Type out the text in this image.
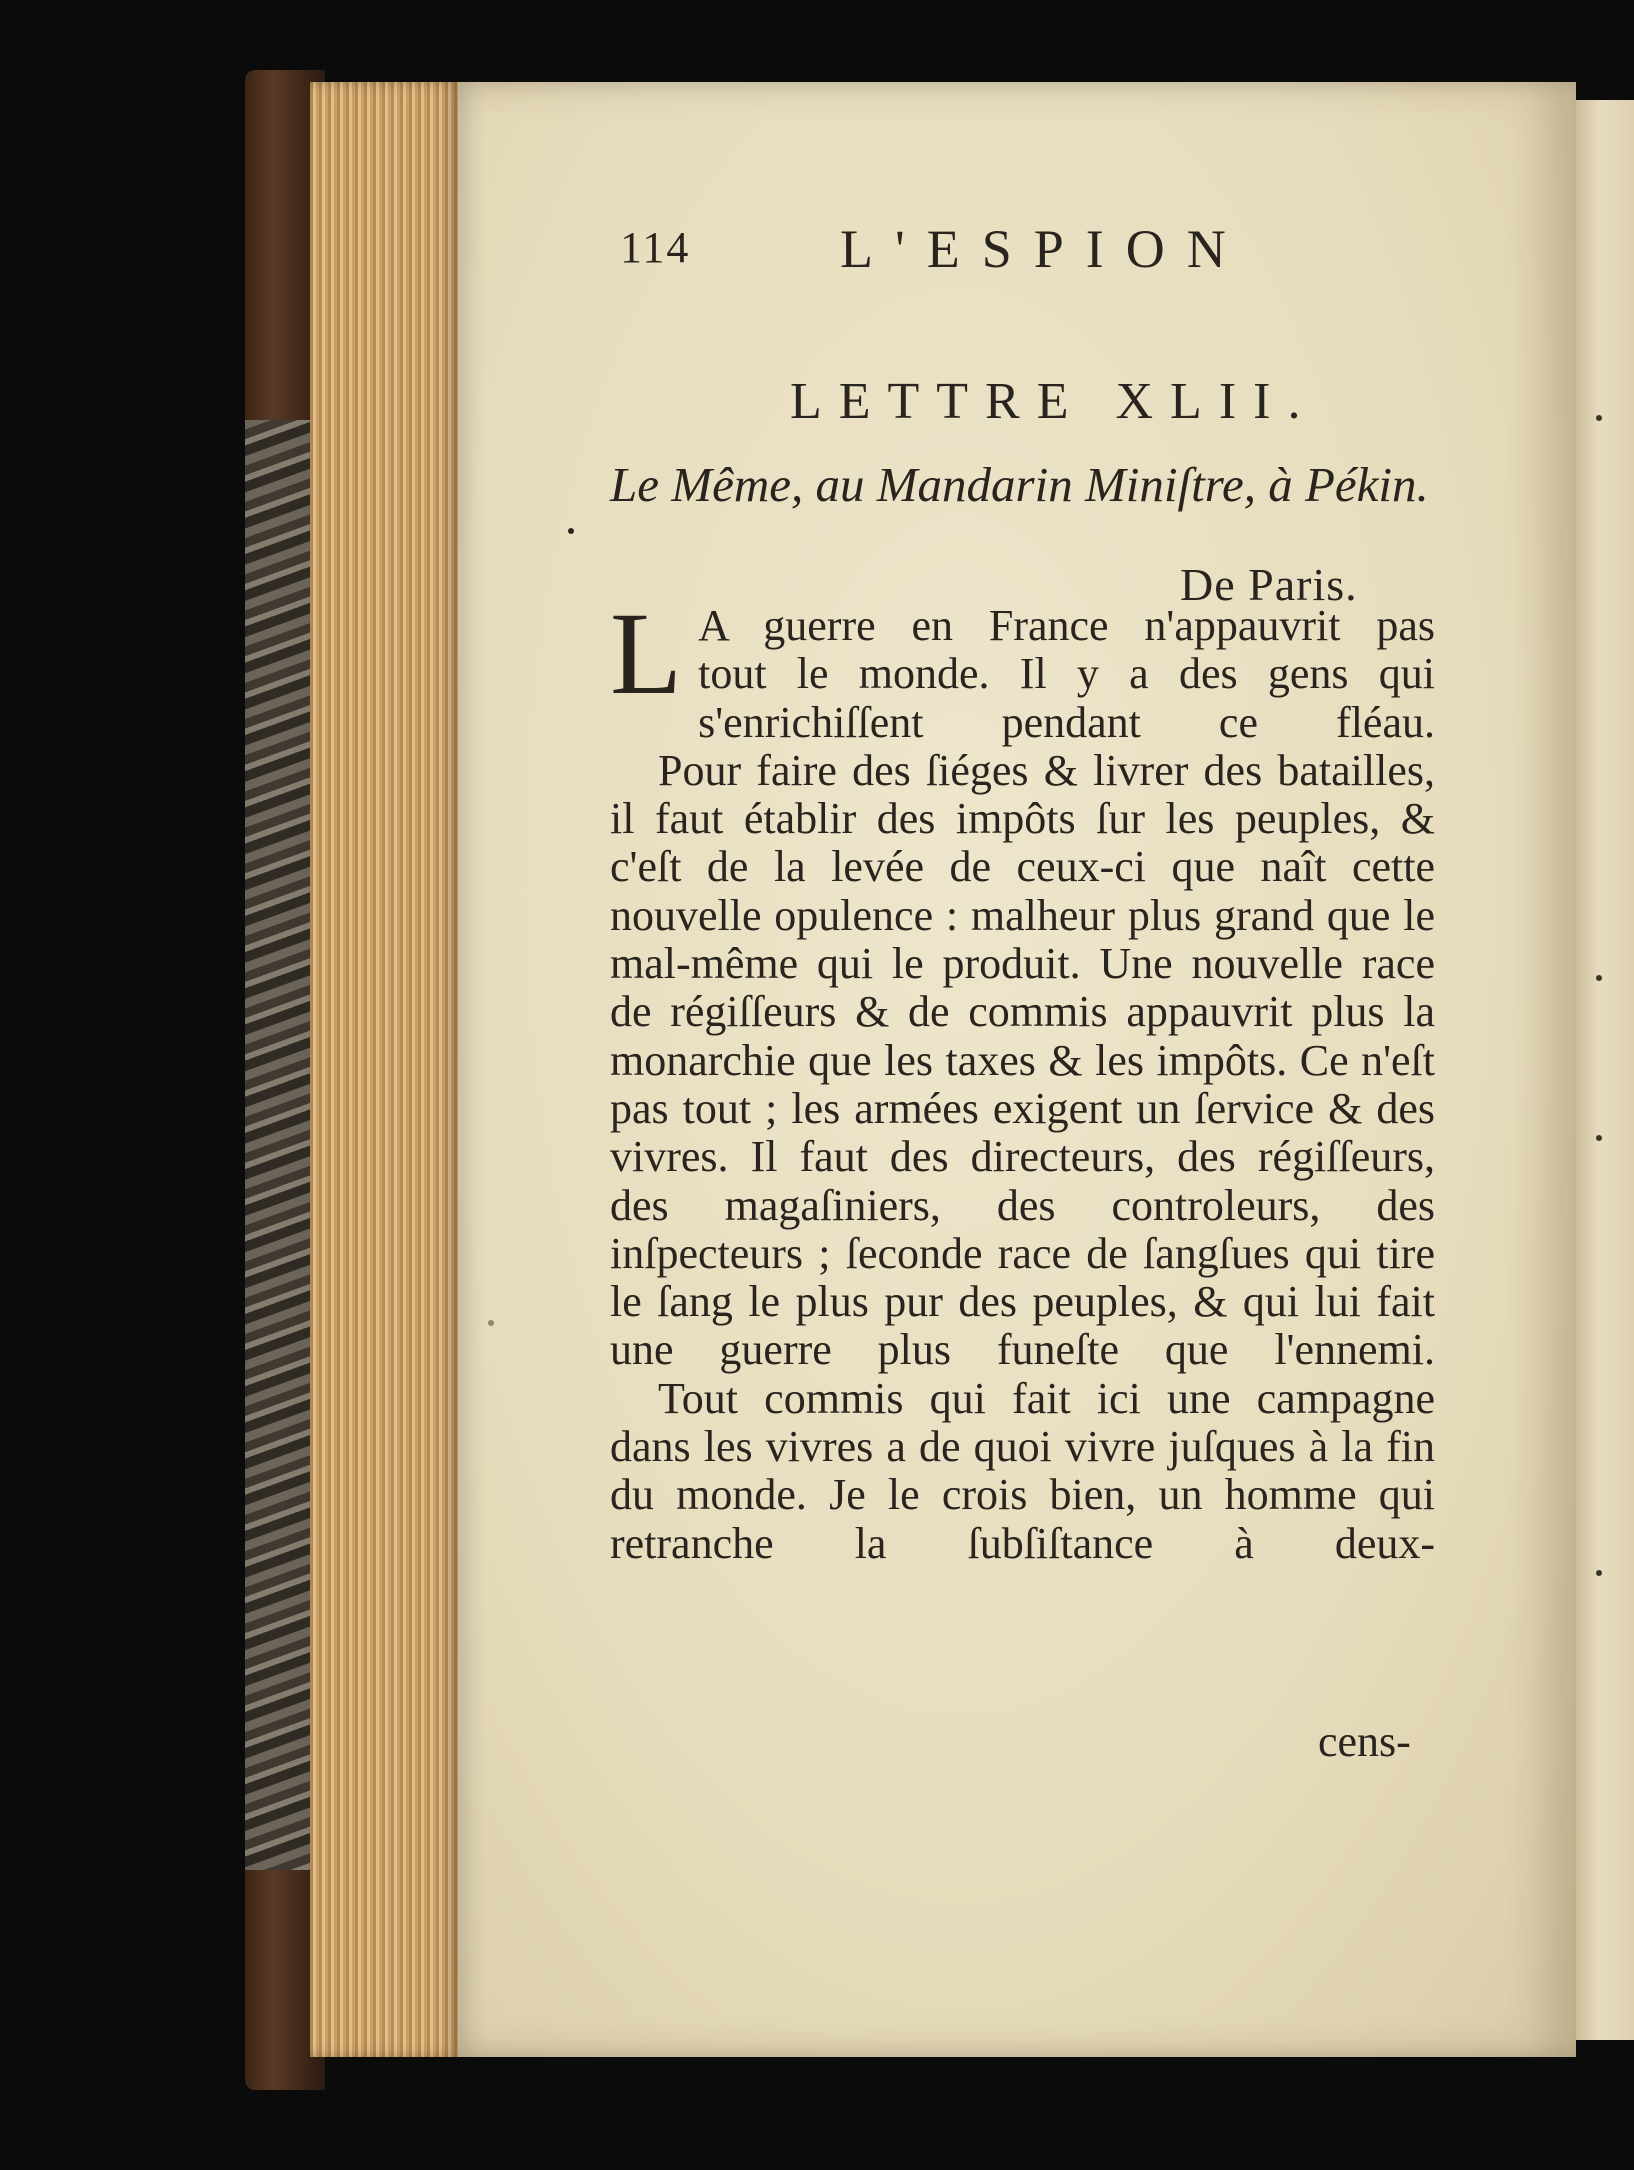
114	L'ESPION
LETTRE XLII.
Le Même, au Mandarin Miniſtre, à Pékin.
De Paris.

L A guerre en France n'appauvrit pas
tout le monde. Il y a des gens qui
s'enrichiſſent pendant ce fléau.

Pour faire des ſiéges & livrer des batailles, il faut établir des impôts ſur les peuples, & c'eſt de la levée de ceux-ci que naît cette nouvelle opulence : malheur plus grand que le mal-même qui le produit. Une nouvelle race de régiſſeurs & de commis appauvrit plus la monarchie que les taxes & les impôts. Ce n'eſt pas tout ; les armées exigent un ſervice & des vivres. Il faut des directeurs, des régiſſeurs, des magaſiniers, des controleurs, des inſpecteurs ; ſeconde race de ſangſues qui tire le ſang le plus pur des peuples, & qui lui fait une guerre plus funeſte que l'ennemi.

Tout commis qui fait ici une campagne dans les vivres a de quoi vivre juſques à la fin du monde. Je le crois bien, un homme qui retranche la ſubſiſtance à deux-

cens-
